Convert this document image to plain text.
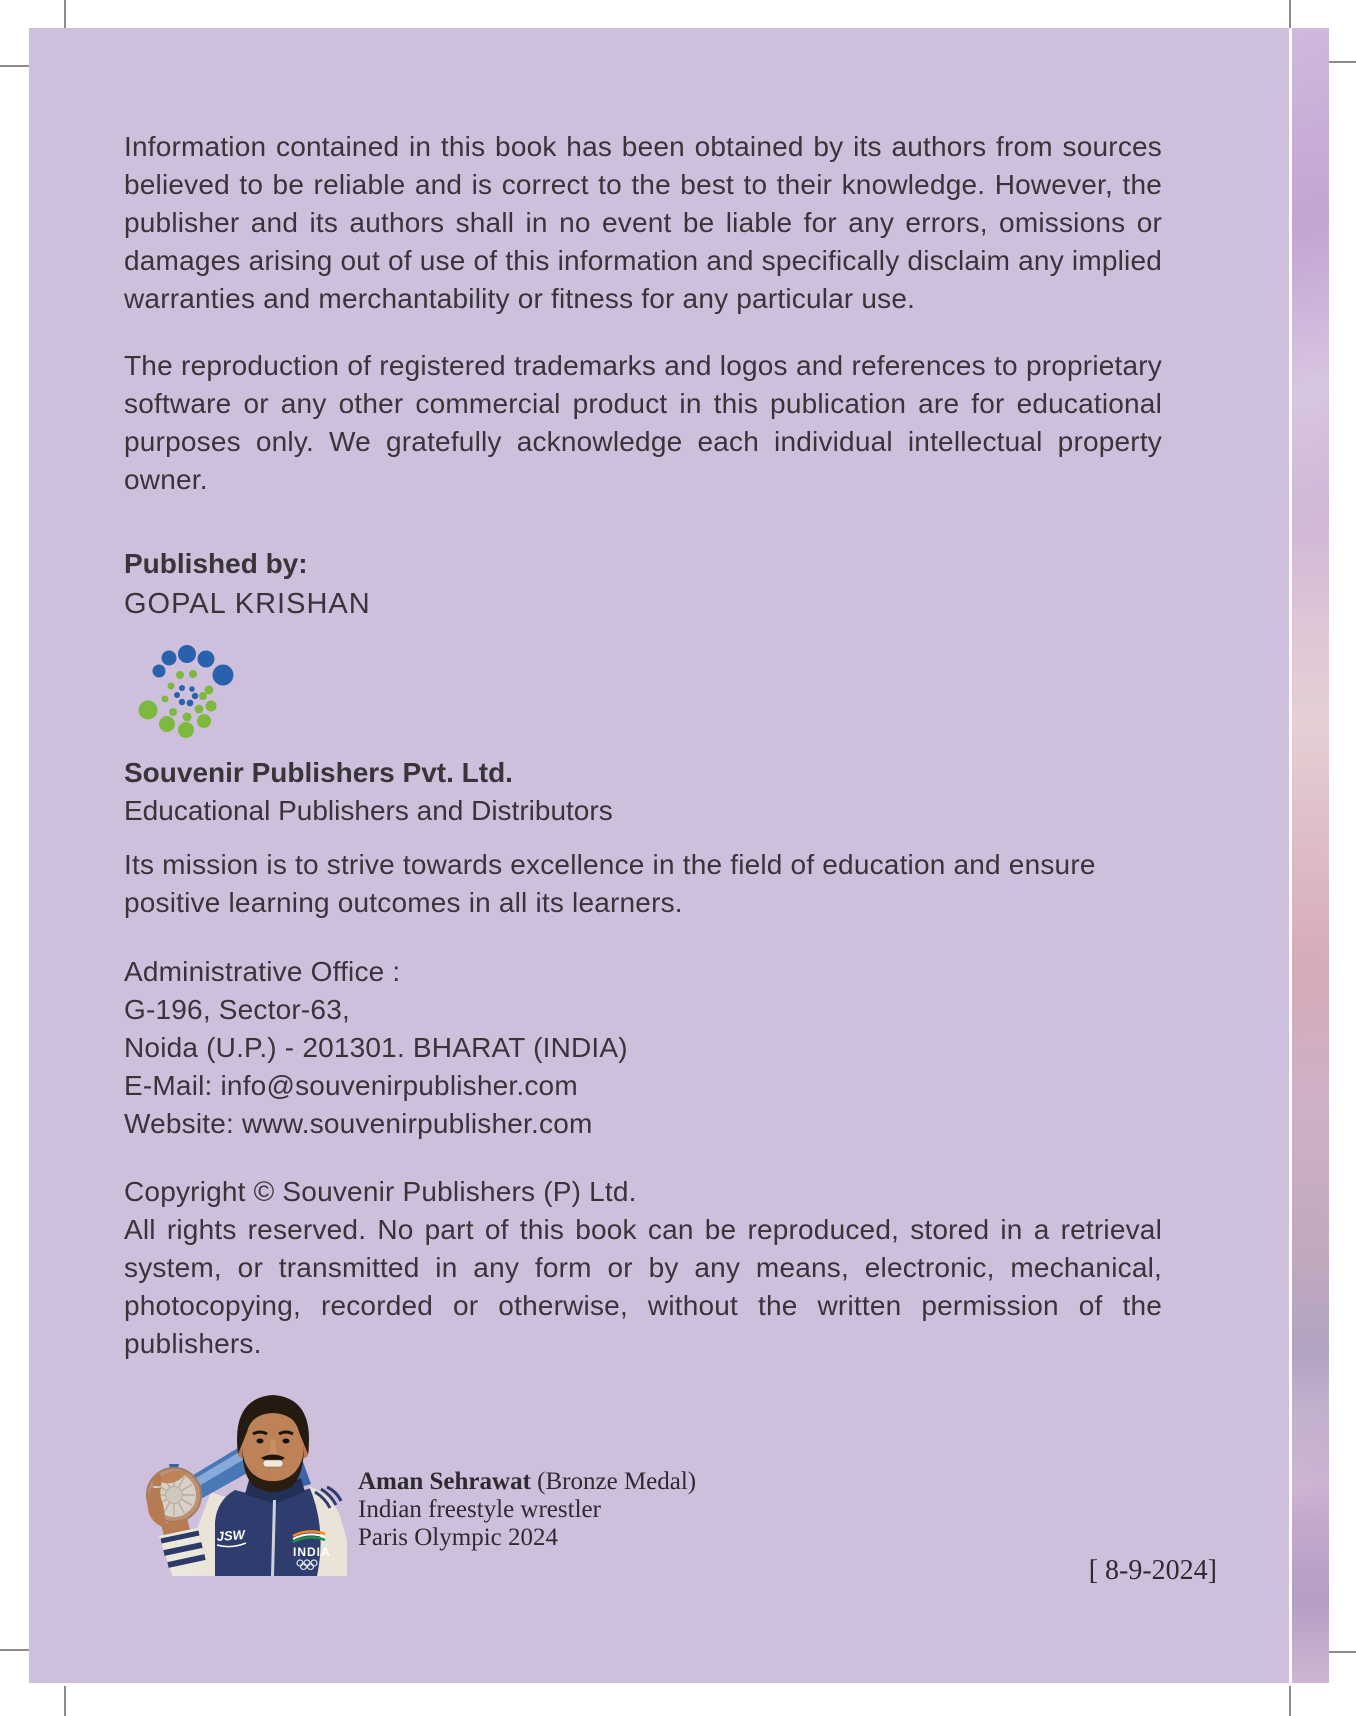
Information contained in this book has been obtained by its authors from sources believed to be reliable and is correct to the best to their knowledge. However, the publisher and its authors shall in no event be liable for any errors, omissions or damages arising out of use of this information and specifically disclaim any implied warranties and merchantability or fitness for any particular use.

The reproduction of registered trademarks and logos and references to proprietary software or any other commercial product in this publication are for educational purposes only. We gratefully acknowledge each individual intellectual property owner.

Published by:
GOPAL KRISHAN
Souvenir Publishers Pvt. Ltd.
Educational Publishers and Distributors

Its mission is to strive towards excellence in the field of education and ensure positive learning outcomes in all its learners.

Administrative Office :
G-196, Sector-63,
Noida (U.P.) - 201301. BHARAT (INDIA)
E-Mail: info@souvenirpublisher.com
Website: www.souvenirpublisher.com
Copyright © Souvenir Publishers (P) Ltd.

All rights reserved. No part of this book can be reproduced, stored in a retrieval system, or transmitted in any form or by any means, electronic, mechanical, photocopying, recorded or otherwise, without the written permission of the publishers.

JSW
INDIA
Aman Sehrawat (Bronze Medal)
Indian freestyle wrestler
Paris Olympic 2024
[ 8-9-2024]
